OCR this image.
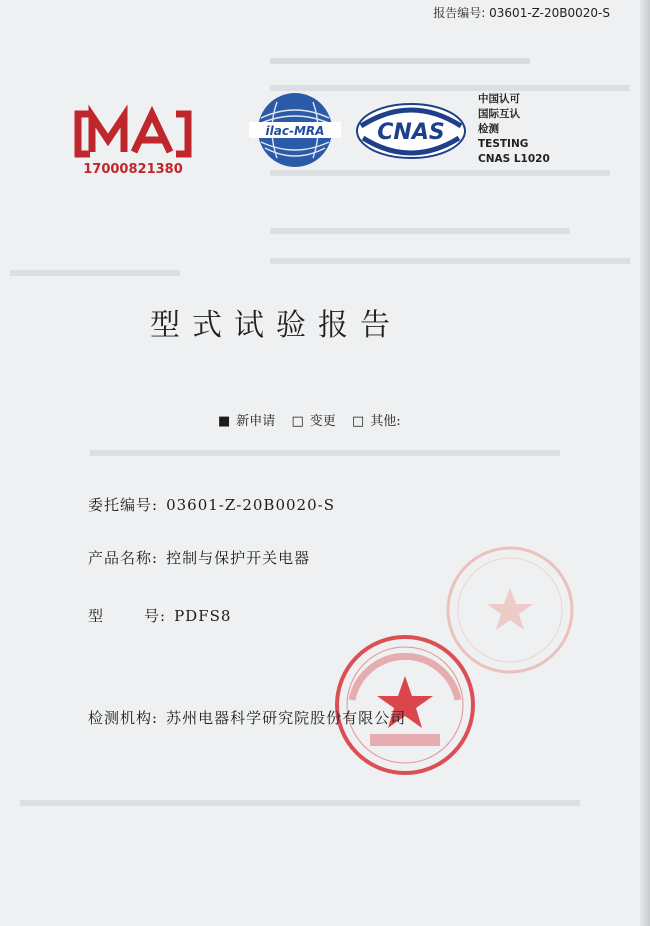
报告编号: 03601-Z-20B0020-S
17000821380
ilac-MRA CNAS
中国认可
国际互认
检测
TESTING
CNAS L1020
型式试验报告
■ 新申请 □ 变更 □ 其他:
委托编号: 03601-Z-20B0020-S
产品名称: 控制与保护开关电器
型	号: PDFS8
检测机构: 苏州电器科学研究院股份有限公司
